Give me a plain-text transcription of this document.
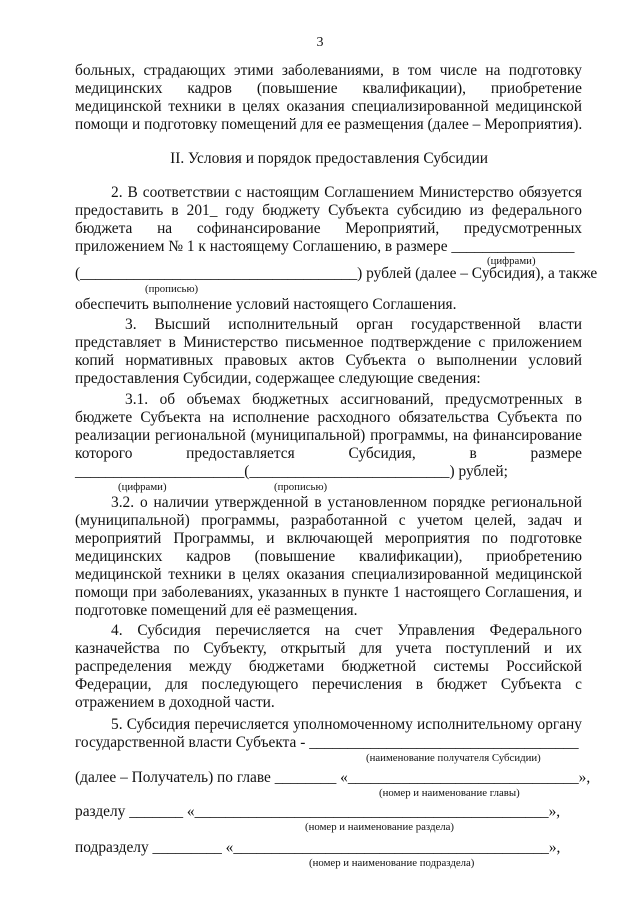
3
больных, страдающих этими заболеваниями, в том числе на подготовку
медицинских кадров (повышение квалификации), приобретение
медицинской техники в целях оказания специализированной медицинской
помощи и подготовку помещений для ее размещения (далее – Мероприятия).
II. Условия и порядок предоставления Субсидии
2. В соответствии с настоящим Соглашением Министерство обязуется
предоставить в 201_ году бюджету Субъекта субсидию из федерального
бюджета на софинансирование Мероприятий, предусмотренных
приложением № 1 к настоящему Соглашению, в размере ________________
(цифрами)
(____________________________________) рублей (далее – Субсидия), а также
(прописью)
обеспечить выполнение условий настоящего Соглашения.
3. Высший исполнительный орган государственной власти
представляет в Министерство письменное подтверждение с приложением
копий нормативных правовых актов Субъекта о выполнении условий
предоставления Субсидии, содержащее следующие сведения:
3.1. об объемах бюджетных ассигнований, предусмотренных в
бюджете Субъекта на исполнение расходного обязательства Субъекта по
реализации региональной (муниципальной) программы, на финансирование
которого предоставляется Субсидия, в размере
______________________(__________________________) рублей;
(цифрами)	(прописью)
3.2. о наличии утвержденной в установленном порядке региональной
(муниципальной) программы, разработанной с учетом целей, задач и
мероприятий Программы, и включающей мероприятия по подготовке
медицинских кадров (повышение квалификации), приобретению
медицинской техники в целях оказания специализированной медицинской
помощи при заболеваниях, указанных в пункте 1 настоящего Соглашения, и
подготовке помещений для её размещения.
4. Субсидия перечисляется на счет Управления Федерального
казначейства по Субъекту, открытый для учета поступлений и их
распределения между бюджетами бюджетной системы Российской
Федерации, для последующего перечисления в бюджет Субъекта с
отражением в доходной части.
5. Субсидия перечисляется уполномоченному исполнительному органу
государственной власти Субъекта - ___________________________________
(наименование получателя Субсидии)
(далее – Получатель) по главе ________ «______________________________»,
(номер и наименование главы)
разделу _______ «______________________________________________»,
(номер и наименование раздела)
подразделу _________ «_________________________________________»,
(номер и наименование подраздела)
